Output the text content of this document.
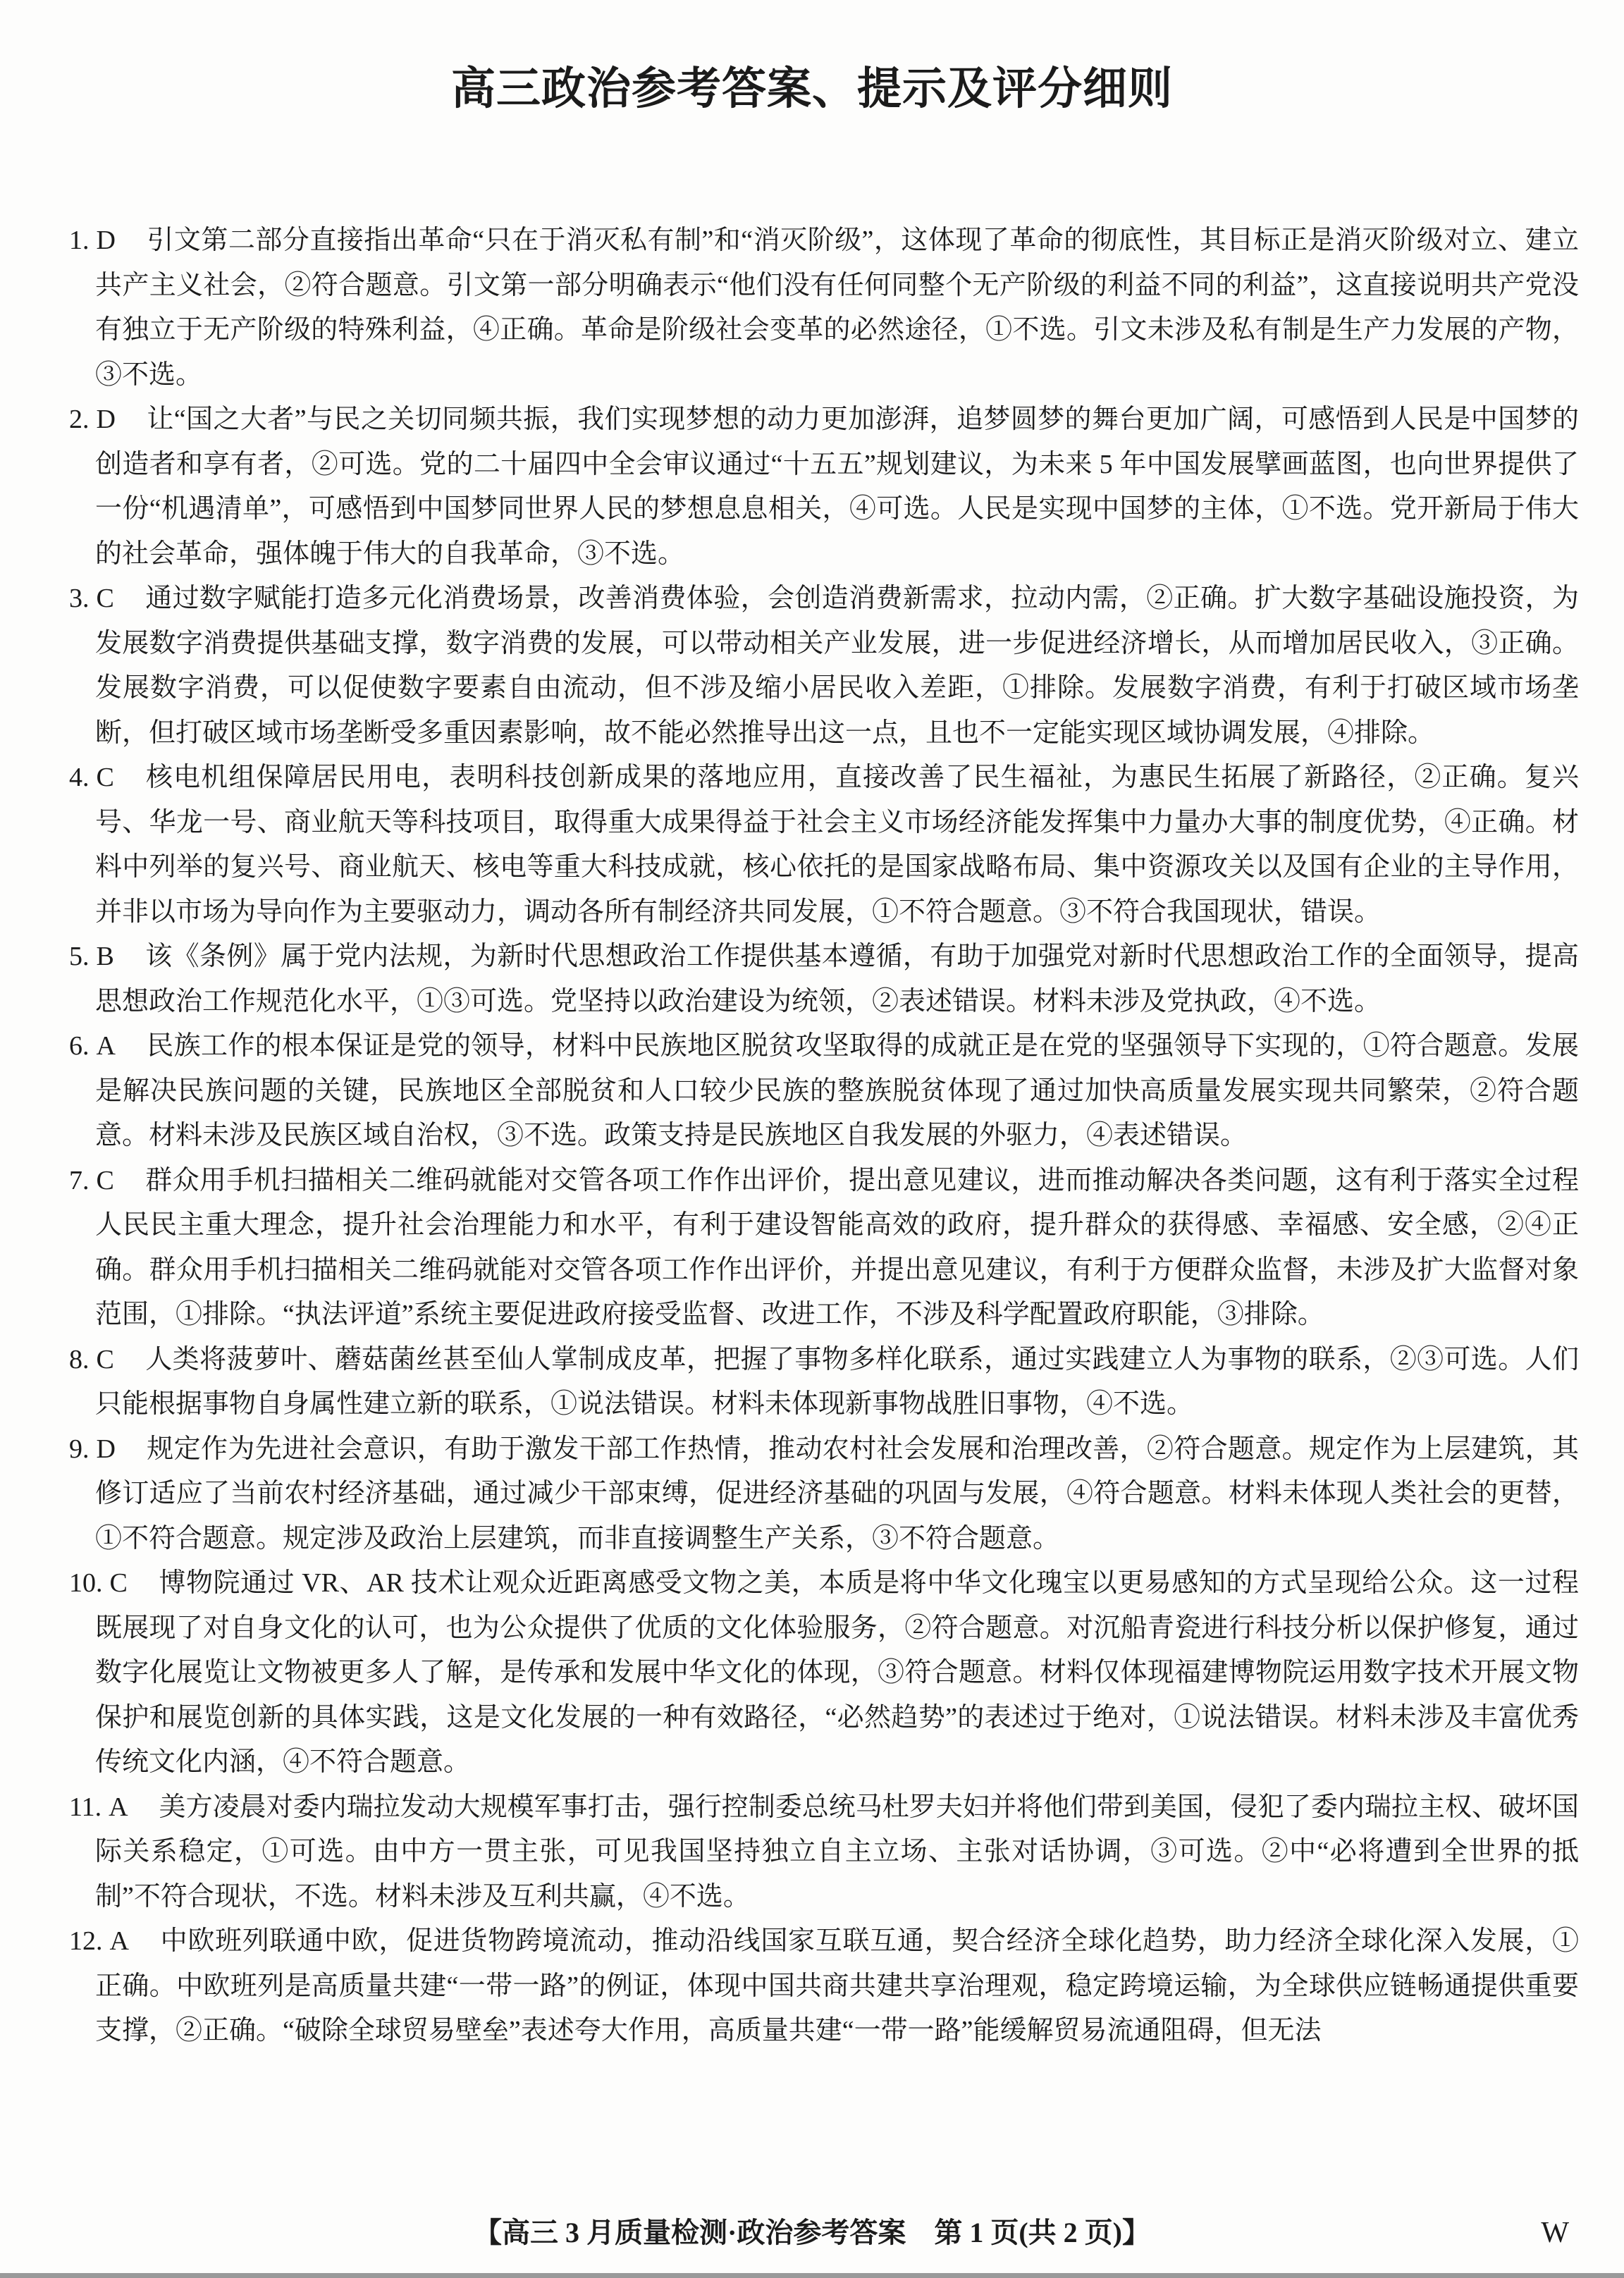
高三政治参考答案、提示及评分细则

1. D 引文第二部分直接指出革命“只在于消灭私有制”和“消灭阶级”，这体现了革命的彻底性，其目标正是消灭阶级对立、建立共产主义社会，②符合题意。引文第一部分明确表示“他们没有任何同整个无产阶级的利益不同的利益”，这直接说明共产党没有独立于无产阶级的特殊利益，④正确。革命是阶级社会变革的必然途径，①不选。引文未涉及私有制是生产力发展的产物，③不选。

2. D 让“国之大者”与民之关切同频共振，我们实现梦想的动力更加澎湃，追梦圆梦的舞台更加广阔，可感悟到人民是中国梦的创造者和享有者，②可选。党的二十届四中全会审议通过“十五五”规划建议，为未来 5 年中国发展擘画蓝图，也向世界提供了一份“机遇清单”，可感悟到中国梦同世界人民的梦想息息相关，④可选。人民是实现中国梦的主体，①不选。党开新局于伟大的社会革命，强体魄于伟大的自我革命，③不选。

3. C 通过数字赋能打造多元化消费场景，改善消费体验，会创造消费新需求，拉动内需，②正确。扩大数字基础设施投资，为发展数字消费提供基础支撑，数字消费的发展，可以带动相关产业发展，进一步促进经济增长，从而增加居民收入，③正确。发展数字消费，可以促使数字要素自由流动，但不涉及缩小居民收入差距，①排除。发展数字消费，有利于打破区域市场垄断，但打破区域市场垄断受多重因素影响，故不能必然推导出这一点，且也不一定能实现区域协调发展，④排除。

4. C 核电机组保障居民用电，表明科技创新成果的落地应用，直接改善了民生福祉，为惠民生拓展了新路径，②正确。复兴号、华龙一号、商业航天等科技项目，取得重大成果得益于社会主义市场经济能发挥集中力量办大事的制度优势，④正确。材料中列举的复兴号、商业航天、核电等重大科技成就，核心依托的是国家战略布局、集中资源攻关以及国有企业的主导作用，并非以市场为导向作为主要驱动力，调动各所有制经济共同发展，①不符合题意。③不符合我国现状，错误。

5. B 该《条例》属于党内法规，为新时代思想政治工作提供基本遵循，有助于加强党对新时代思想政治工作的全面领导，提高思想政治工作规范化水平，①③可选。党坚持以政治建设为统领，②表述错误。材料未涉及党执政，④不选。

6. A 民族工作的根本保证是党的领导，材料中民族地区脱贫攻坚取得的成就正是在党的坚强领导下实现的，①符合题意。发展是解决民族问题的关键，民族地区全部脱贫和人口较少民族的整族脱贫体现了通过加快高质量发展实现共同繁荣，②符合题意。材料未涉及民族区域自治权，③不选。政策支持是民族地区自我发展的外驱力，④表述错误。

7. C 群众用手机扫描相关二维码就能对交管各项工作作出评价，提出意见建议，进而推动解决各类问题，这有利于落实全过程人民民主重大理念，提升社会治理能力和水平，有利于建设智能高效的政府，提升群众的获得感、幸福感、安全感，②④正确。群众用手机扫描相关二维码就能对交管各项工作作出评价，并提出意见建议，有利于方便群众监督，未涉及扩大监督对象范围，①排除。“执法评道”系统主要促进政府接受监督、改进工作，不涉及科学配置政府职能，③排除。

8. C 人类将菠萝叶、蘑菇菌丝甚至仙人掌制成皮革，把握了事物多样化联系，通过实践建立人为事物的联系，②③可选。人们只能根据事物自身属性建立新的联系，①说法错误。材料未体现新事物战胜旧事物，④不选。

9. D 规定作为先进社会意识，有助于激发干部工作热情，推动农村社会发展和治理改善，②符合题意。规定作为上层建筑，其修订适应了当前农村经济基础，通过减少干部束缚，促进经济基础的巩固与发展，④符合题意。材料未体现人类社会的更替，①不符合题意。规定涉及政治上层建筑，而非直接调整生产关系，③不符合题意。

10. C 博物院通过 VR、AR 技术让观众近距离感受文物之美，本质是将中华文化瑰宝以更易感知的方式呈现给公众。这一过程既展现了对自身文化的认可，也为公众提供了优质的文化体验服务，②符合题意。对沉船青瓷进行科技分析以保护修复，通过数字化展览让文物被更多人了解，是传承和发展中华文化的体现，③符合题意。材料仅体现福建博物院运用数字技术开展文物保护和展览创新的具体实践，这是文化发展的一种有效路径，“必然趋势”的表述过于绝对，①说法错误。材料未涉及丰富优秀传统文化内涵，④不符合题意。

11. A 美方凌晨对委内瑞拉发动大规模军事打击，强行控制委总统马杜罗夫妇并将他们带到美国，侵犯了委内瑞拉主权、破坏国际关系稳定，①可选。由中方一贯主张，可见我国坚持独立自主立场、主张对话协调，③可选。②中“必将遭到全世界的抵制”不符合现状，不选。材料未涉及互利共赢，④不选。

12. A 中欧班列联通中欧，促进货物跨境流动，推动沿线国家互联互通，契合经济全球化趋势，助力经济全球化深入发展，①正确。中欧班列是高质量共建“一带一路”的例证，体现中国共商共建共享治理观，稳定跨境运输，为全球供应链畅通提供重要支撑，②正确。“破除全球贸易壁垒”表述夸大作用，高质量共建“一带一路”能缓解贸易流通阻碍，但无法

【高三 3 月质量检测·政治参考答案　第 1 页(共 2 页)】	W
